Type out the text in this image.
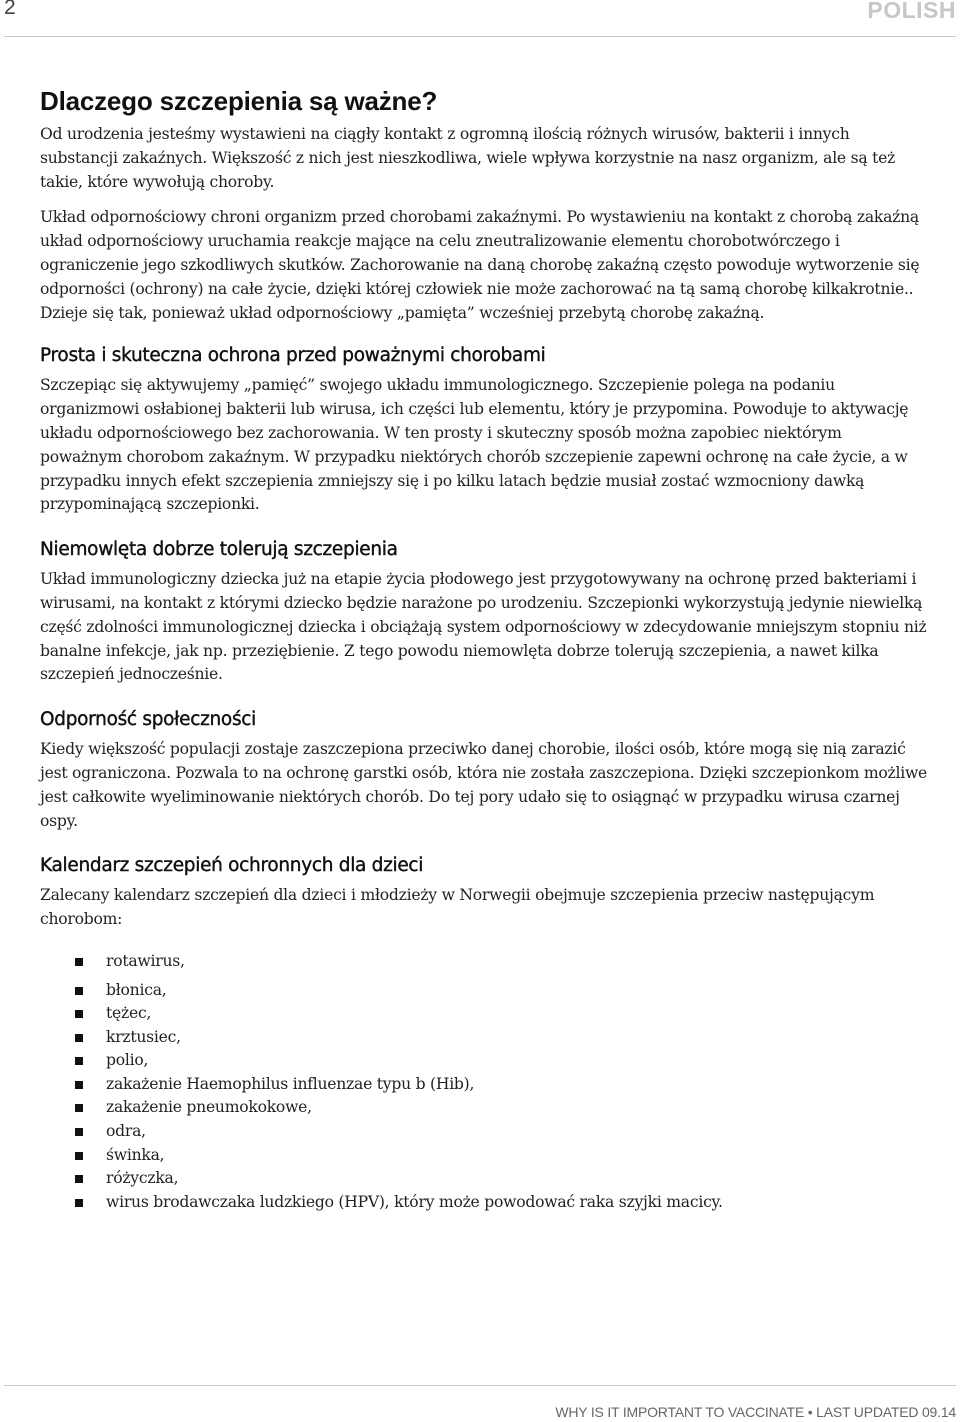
2	POLISH
Dlaczego szczepienia są ważne?

Od urodzenia jesteśmy wystawieni na ciągły kontakt z ogromną ilością różnych wirusów, bakterii i innych substancji zakaźnych. Większość z nich jest nieszkodliwa, wiele wpływa korzystnie na nasz organizm, ale są też takie, które wywołują choroby.

Układ odpornościowy chroni organizm przed chorobami zakaźnymi. Po wystawieniu na kontakt z chorobą zakaźną układ odpornościowy uruchamia reakcje mające na celu zneutralizowanie elementu chorobotwórczego i ograniczenie jego szkodliwych skutków. Zachorowanie na daną chorobę zakaźną często powoduje wytworzenie się odporności (ochrony) na całe życie, dzięki której człowiek nie może zachorować na tą samą chorobę kilkakrotnie.. Dzieje się tak, ponieważ układ odpornościowy „pamięta” wcześniej przebytą chorobę zakaźną.

Prosta i skuteczna ochrona przed poważnymi chorobami

Szczepiąc się aktywujemy „pamięć” swojego układu immunologicznego. Szczepienie polega na podaniu organizmowi osłabionej bakterii lub wirusa, ich części lub elementu, który je przypomina. Powoduje to aktywację układu odpornościowego bez zachorowania. W ten prosty i skuteczny sposób można zapobiec niektórym poważnym chorobom zakaźnym. W przypadku niektórych chorób szczepienie zapewni ochronę na całe życie, a w przypadku innych efekt szczepienia zmniejszy się i po kilku latach będzie musiał zostać wzmocniony dawką przypominającą szczepionki.

Niemowlęta dobrze tolerują szczepienia

Układ immunologiczny dziecka już na etapie życia płodowego jest przygotowywany na ochronę przed bakteriami i wirusami, na kontakt z którymi dziecko będzie narażone po urodzeniu. Szczepionki wykorzystują jedynie niewielką część zdolności immunologicznej dziecka i obciążają system odpornościowy w zdecydowanie mniejszym stopniu niż banalne infekcje, jak np. przeziębienie. Z tego powodu niemowlęta dobrze tolerują szczepienia, a nawet kilka szczepień jednocześnie.

Odporność społeczności

Kiedy większość populacji zostaje zaszczepiona przeciwko danej chorobie, ilości osób, które mogą się nią zarazić jest ograniczona. Pozwala to na ochronę garstki osób, która nie została zaszczepiona. Dzięki szczepionkom możliwe jest całkowite wyeliminowanie niektórych chorób. Do tej pory udało się to osiągnąć w przypadku wirusa czarnej ospy.

Kalendarz szczepień ochronnych dla dzieci

Zalecany kalendarz szczepień dla dzieci i młodzieży w Norwegii obejmuje szczepienia przeciw następującym chorobom:

rotawirus,
błonica,
tężec,
krztusiec,
polio,
zakażenie Haemophilus influenzae typu b (Hib),
zakażenie pneumokokowe,
odra,
świnka,
różyczka,
wirus brodawczaka ludzkiego (HPV), który może powodować raka szyjki macicy.
WHY IS IT IMPORTANT TO VACCINATE • LAST UPDATED 09.14
